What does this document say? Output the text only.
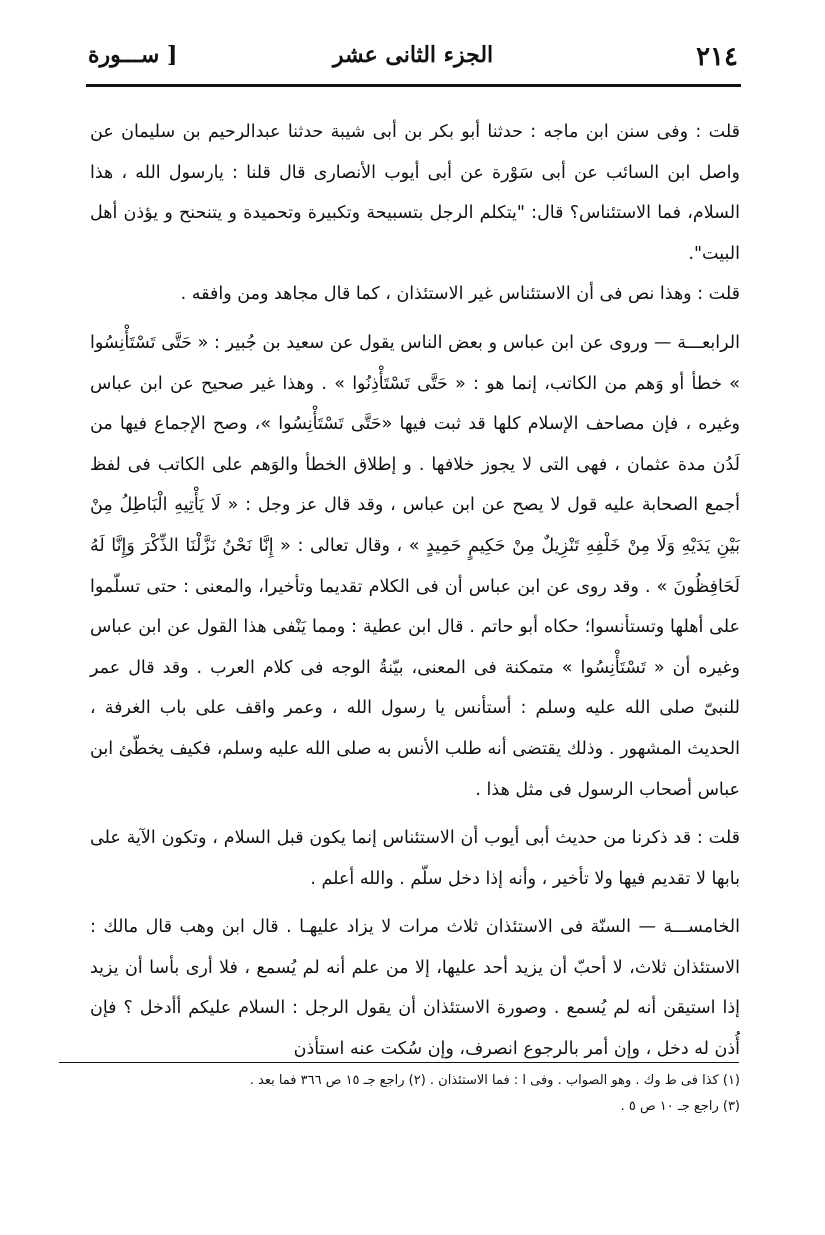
٢١٤
الجزء الثانى عشر
[ ســـورة

قلت : وفى سنن ابن ماجه : حدثنا أبو بكر بن أبى شيبة حدثنا عبدالرحيم بن سليمان عن واصل ابن السائب عن أبى سَوْرة عن أبى أيوب الأنصارى قال قلنا : يارسول الله ، هذا السلام، فما الاستئناس؟ قال: "يتكلم الرجل بتسبيحة وتكبيرة وتحميدة و يتنحنح و يؤذن أهل البيت".

قلت : وهذا نص فى أن الاستئناس غير الاستئذان ، كما قال مجاهد ومن وافقه .

الرابعـــة — وروى عن ابن عباس و بعض الناس يقول عن سعيد بن جُبير : « حَتَّى تَسْتَأْنِسُوا » خطأ أو وَهم من الكاتب، إنما هو : « حَتَّى تَسْتَأْذِنُوا » . وهذا غير صحيح عن ابن عباس وغيره ، فإن مصاحف الإسلام كلها قد ثبت فيها «حَتَّى تَسْتَأْنِسُوا »، وصح الإجماع فيها من لَدُن مدة عثمان ، فهى التى لا يجوز خلافها . و إطلاق الخطأ والوَهم على الكاتب فى لفظ أجمع الصحابة عليه قول لا يصح عن ابن عباس ، وقد قال عز وجل : « لَا يَأْتِيهِ الْبَاطِلُ مِنْ بَيْنِ يَدَيْهِ وَلَا مِنْ خَلْفِهِ تَنْزِيلٌ مِنْ حَكِيمٍ حَمِيدٍ » ، وقال تعالى : « إِنَّا نَحْنُ نَزَّلْنَا الذِّكْرَ وَإِنَّا لَهُ لَحَافِظُونَ » . وقد روى عن ابن عباس أن فى الكلام تقديما وتأخيرا، والمعنى : حتى تسلّموا على أهلها وتستأنسوا؛ حكاه أبو حاتم . قال ابن عطية : ومما يَنْفى هذا القول عن ابن عباس وغيره أن « تَسْتَأْنِسُوا » متمكنة فى المعنى، بيّنةُ الوجه فى كلام العرب . وقد قال عمر للنبىّ صلى الله عليه وسلم : أستأنس يا رسول الله ، وعمر واقف على باب الغرفة ، الحديث المشهور . وذلك يقتضى أنه طلب الأنس به صلى الله عليه وسلم، فكيف يخطّئ ابن عباس أصحاب الرسول فى مثل هذا .

قلت : قد ذكرنا من حديث أبى أيوب أن الاستئناس إنما يكون قبل السلام ، وتكون الآية على بابها لا تقديم فيها ولا تأخير ، وأنه إذا دخل سلّم . والله أعلم .

الخامســـة — السنّة فى الاستئذان ثلاث مرات لا يزاد عليهـا . قال ابن وهب قال مالك : الاستئذان ثلاث، لا أحبّ أن يزيد أحد عليها، إلا من علم أنه لم يُسمع ، فلا أرى بأسا أن يزيد إذا استيقن أنه لم يُسمع . وصورة الاستئذان أن يقول الرجل : السلام عليكم أأدخل ؟ فإن أُذن له دخل ، وإن أمر بالرجوع انصرف، وإن سُكت عنه استأذن

(١) كذا فى ط وك . وهو الصواب . وفى ا : فما الاستئذان . (٢) راجع جـ ١٥ ص ٣٦٦ فما بعد .
(٣) راجع جـ ١٠ ص ٥ .
